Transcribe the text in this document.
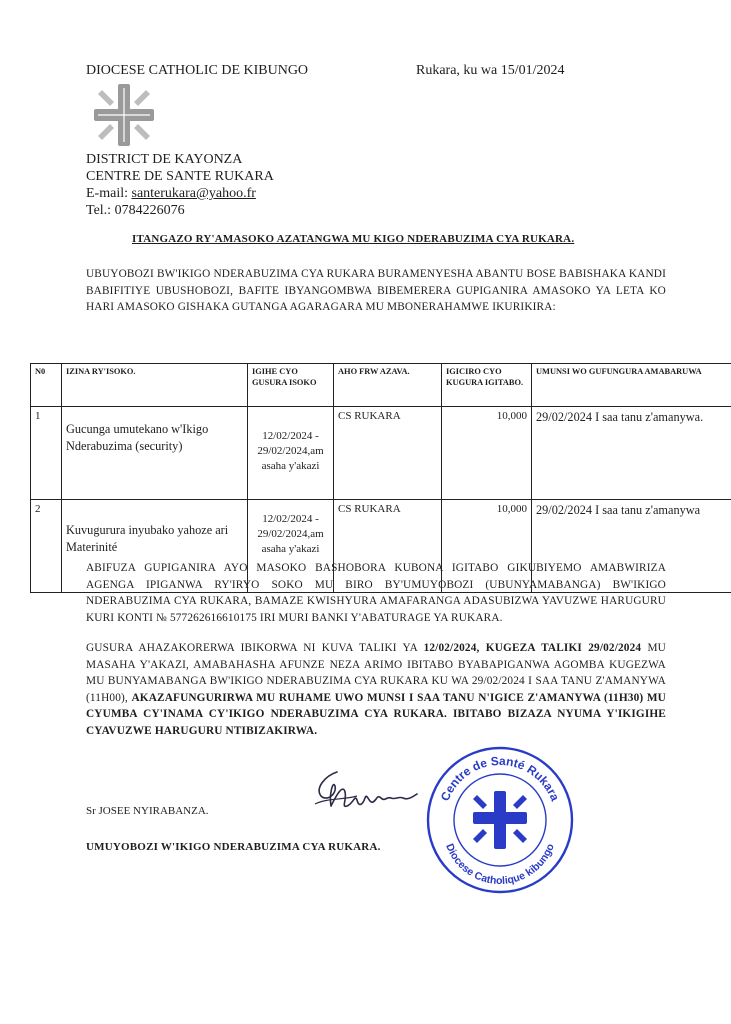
DIOCESE CATHOLIC DE KIBUNGO	Rukara, ku wa 15/01/2024
DISTRICT DE KAYONZA
CENTRE DE SANTE RUKARA
E-mail: santerukara@yahoo.fr
Tel.: 0784226076
ITANGAZO RY'AMASOKO AZATANGWA MU KIGO NDERABUZIMA CYA RUKARA.
UBUYOBOZI BW'IKIGO NDERABUZIMA CYA RUKARA BURAMENYESHA ABANTU BOSE BABISHAKA KANDI BABIFITIYE UBUSHOBOZI, BAFITE IBYANGOMBWA BIBEMERERA GUPIGANIRA AMASOKO YA LETA KO HARI AMASOKO GISHAKA GUTANGA AGARAGARA MU MBONERAHAMWE IKURIKIRA:
N0	IZINA RY'ISOKO.	IGIHE CYO GUSURA ISOKO	AHO FRW AZAVA.	IGICIRO CYO KUGURA IGITABO.	UMUNSI WO GUFUNGURA AMABARUWA
1	Gucunga umutekano w'Ikigo Nderabuzima (security)	12/02/2024 - 29/02/2024,am asaha y'akazi	CS RUKARA	10,000	29/02/2024 I saa tanu z'amanywa.
2	Kuvugurura inyubako yahoze ari Materinité	12/02/2024 - 29/02/2024,am asaha y'akazi	CS RUKARA	10,000	29/02/2024 I saa tanu z'amanywa
ABIFUZA GUPIGANIRA AYO MASOKO BASHOBORA KUBONA IGITABO GIKUBIYEMO AMABWIRIZA AGENGA IPIGANWA RY'IRYO SOKO MU BIRO BY'UMUYOBOZI (UBUNYAMABANGA) BW'IKIGO NDERABUZIMA CYA RUKARA, BAMAZE KWISHYURA AMAFARANGA ADASUBIZWA YAVUZWE HARUGURU KURI KONTI № 577262616610175 IRI MURI BANKI Y'ABATURAGE YA RUKARA.
GUSURA AHAZAKORERWA IBIKORWA NI KUVA TALIKI YA 12/02/2024, KUGEZA TALIKI 29/02/2024 MU MASAHA Y'AKAZI, AMABAHASHA AFUNZE NEZA ARIMO IBITABO BYABAPIGANWA AGOMBA KUGEZWA MU BUNYAMABANGA BW'IKIGO NDERABUZIMA CYA RUKARA KU WA 29/02/2024 I SAA TANU Z'AMANYWA (11H00), AKAZAFUNGURIRWA MU RUHAME UWO MUNSI I SAA TANU N'IGICE Z'AMANYWA (11H30) MU CYUMBA CY'INAMA CY'IKIGO NDERABUZIMA CYA RUKARA. IBITABO BIZAZA NYUMA Y'IKIGIHE CYAVUZWE HARUGURU NTIBIZAKIRWA.
Sr JOSEE NYIRABANZA.
UMUYOBOZI W'IKIGO NDERABUZIMA CYA RUKARA.
Centre de Santé Rukara
Diocese Catholique kibungo
